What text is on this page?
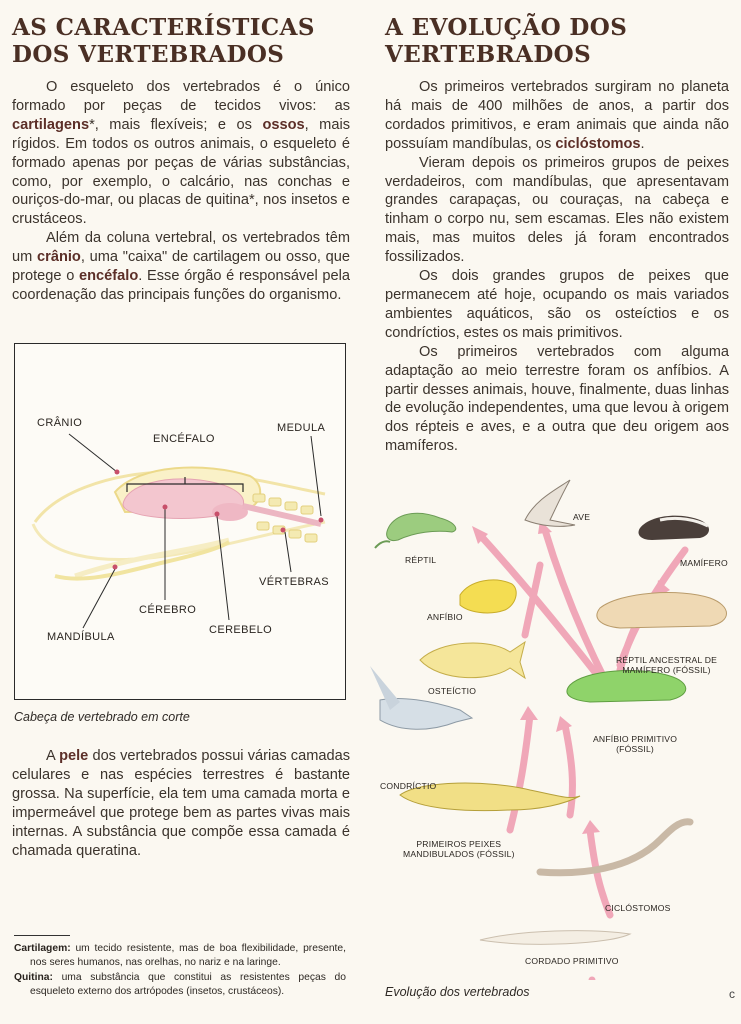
AS CARACTERÍSTICAS
DOS VERTEBRADOS

O esqueleto dos vertebrados é o único formado por peças de tecidos vivos: as cartilagens*, mais flexíveis; e os ossos, mais rígidos. Em todos os outros animais, o esqueleto é formado apenas por peças de várias substâncias, como, por exemplo, o calcário, nas conchas e ouriços-do-mar, ou placas de quitina*, nos insetos e crustáceos.

Além da coluna vertebral, os vertebrados têm um crânio, uma "caixa" de cartilagem ou osso, que protege o encéfalo. Esse órgão é responsável pela coordenação das principais funções do organismo.

CRÂNIO
ENCÉFALO
MEDULA
VÉRTEBRAS
CÉREBRO
MANDÍBULA
CEREBELO
Cabeça de vertebrado em corte

A pele dos vertebrados possui várias camadas celulares e nas espécies terrestres é bastante grossa. Na superfície, ela tem uma camada morta e impermeável que protege bem as partes vivas mais internas. A substância que compõe essa camada é chamada queratina.

Cartilagem: um tecido resistente, mas de boa flexibilidade, presente, nos seres humanos, nas orelhas, no nariz e na laringe.

Quitina: uma substância que constitui as resistentes peças do esqueleto externo dos artrópodes (insetos, crustáceos).

A EVOLUÇÃO DOS
VERTEBRADOS

Os primeiros vertebrados surgiram no planeta há mais de 400 milhões de anos, a partir dos cordados primitivos, e eram animais que ainda não possuíam mandíbulas, os ciclóstomos.

Vieram depois os primeiros grupos de peixes verdadeiros, com mandíbulas, que apresentavam grandes carapaças, ou couraças, na cabeça e tinham o corpo nu, sem escamas. Eles não existem mais, mas muitos deles já foram encontrados fossilizados.

Os dois grandes grupos de peixes que permanecem até hoje, ocupando os mais variados ambientes aquáticos, são os osteíctios e os condríctios, estes os mais primitivos.

Os primeiros vertebrados com alguma adaptação ao meio terrestre foram os anfíbios. A partir desses animais, houve, finalmente, duas linhas de evolução independentes, uma que levou à origem dos répteis e aves, e a outra que deu origem aos mamíferos.

AVE
RÉPTIL	MAMÍFERO
ANFÍBIO
RÉPTIL ANCESTRAL DE
MAMÍFERO (FÓSSIL)
OSTEÍCTIO
ANFÍBIO PRIMITIVO
(FÓSSIL)
CONDRÍCTIO
PRIMEIROS PEIXES
MANDIBULADOS (FÓSSIL)
CICLÓSTOMOS
CORDADO PRIMITIVO
Evolução dos vertebrados	c
